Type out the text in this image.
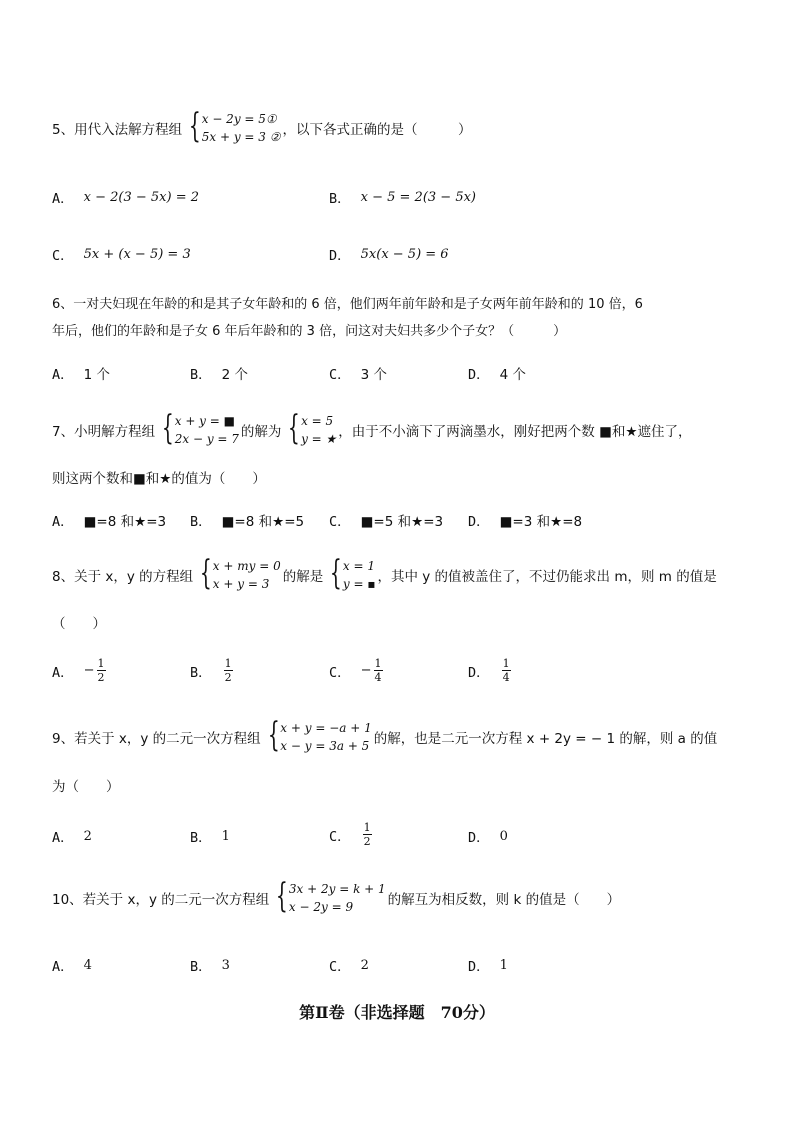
5、用代入法解方程组 { x − 2y = 5①
5x + y = 3 ② ，以下各式正确的是（　　　）
A． x − 2(3 − 5x) = 2	B． x − 5 = 2(3 − 5x)
C． 5x + (x − 5) = 3	D． 5x(x − 5) = 6
6、一对夫妇现在年龄的和是其子女年龄和的 6 倍，他们两年前年龄和是子女两年前年龄和的 10 倍，6
年后，他们的年龄和是子女 6 年后年龄和的 3 倍，问这对夫妇共多少个子女？（　　　）
A． 1 个	B． 2 个	C． 3 个	D． 4 个
7、小明解方程组 { x + y = ■
2x − y = 7 的解为 { x = 5
y = ★ ，由于不小滴下了两滴墨水，刚好把两个数 ■和★遮住了，
则这两个数和■和★的值为（　　）
A． ■=8 和★=3 B． ■=8 和★=5 C． ■=5 和★=3 D． ■=3 和★=8
8、关于 x，y 的方程组 { x + my = 0
x + y = 3 的解是 { x = 1
y = ▪ ，其中 y 的值被盖住了，不过仍能求出 m，则 m 的值是
（　　）
A． − $\frac{1}{2}$	B． $\frac{1}{2}$	C． − $\frac{1}{4}$	D． $\frac{1}{4}$
9、若关于 x，y 的二元一次方程组 { x + y = −a + 1
x − y = 3a + 5 的解，也是二元一次方程 x + 2y = − 1 的解，则 a 的值
为（　　）
A． 2	B． 1	C． $\frac{1}{2}$	D． 0
10、若关于 x，y 的二元一次方程组 { 3x + 2y = k + 1
x − 2y = 9	的解互为相反数，则 k 的值是（　　）
A． 4	B． 3	C． 2	D． 1
第Ⅱ卷（非选择题　70分）
